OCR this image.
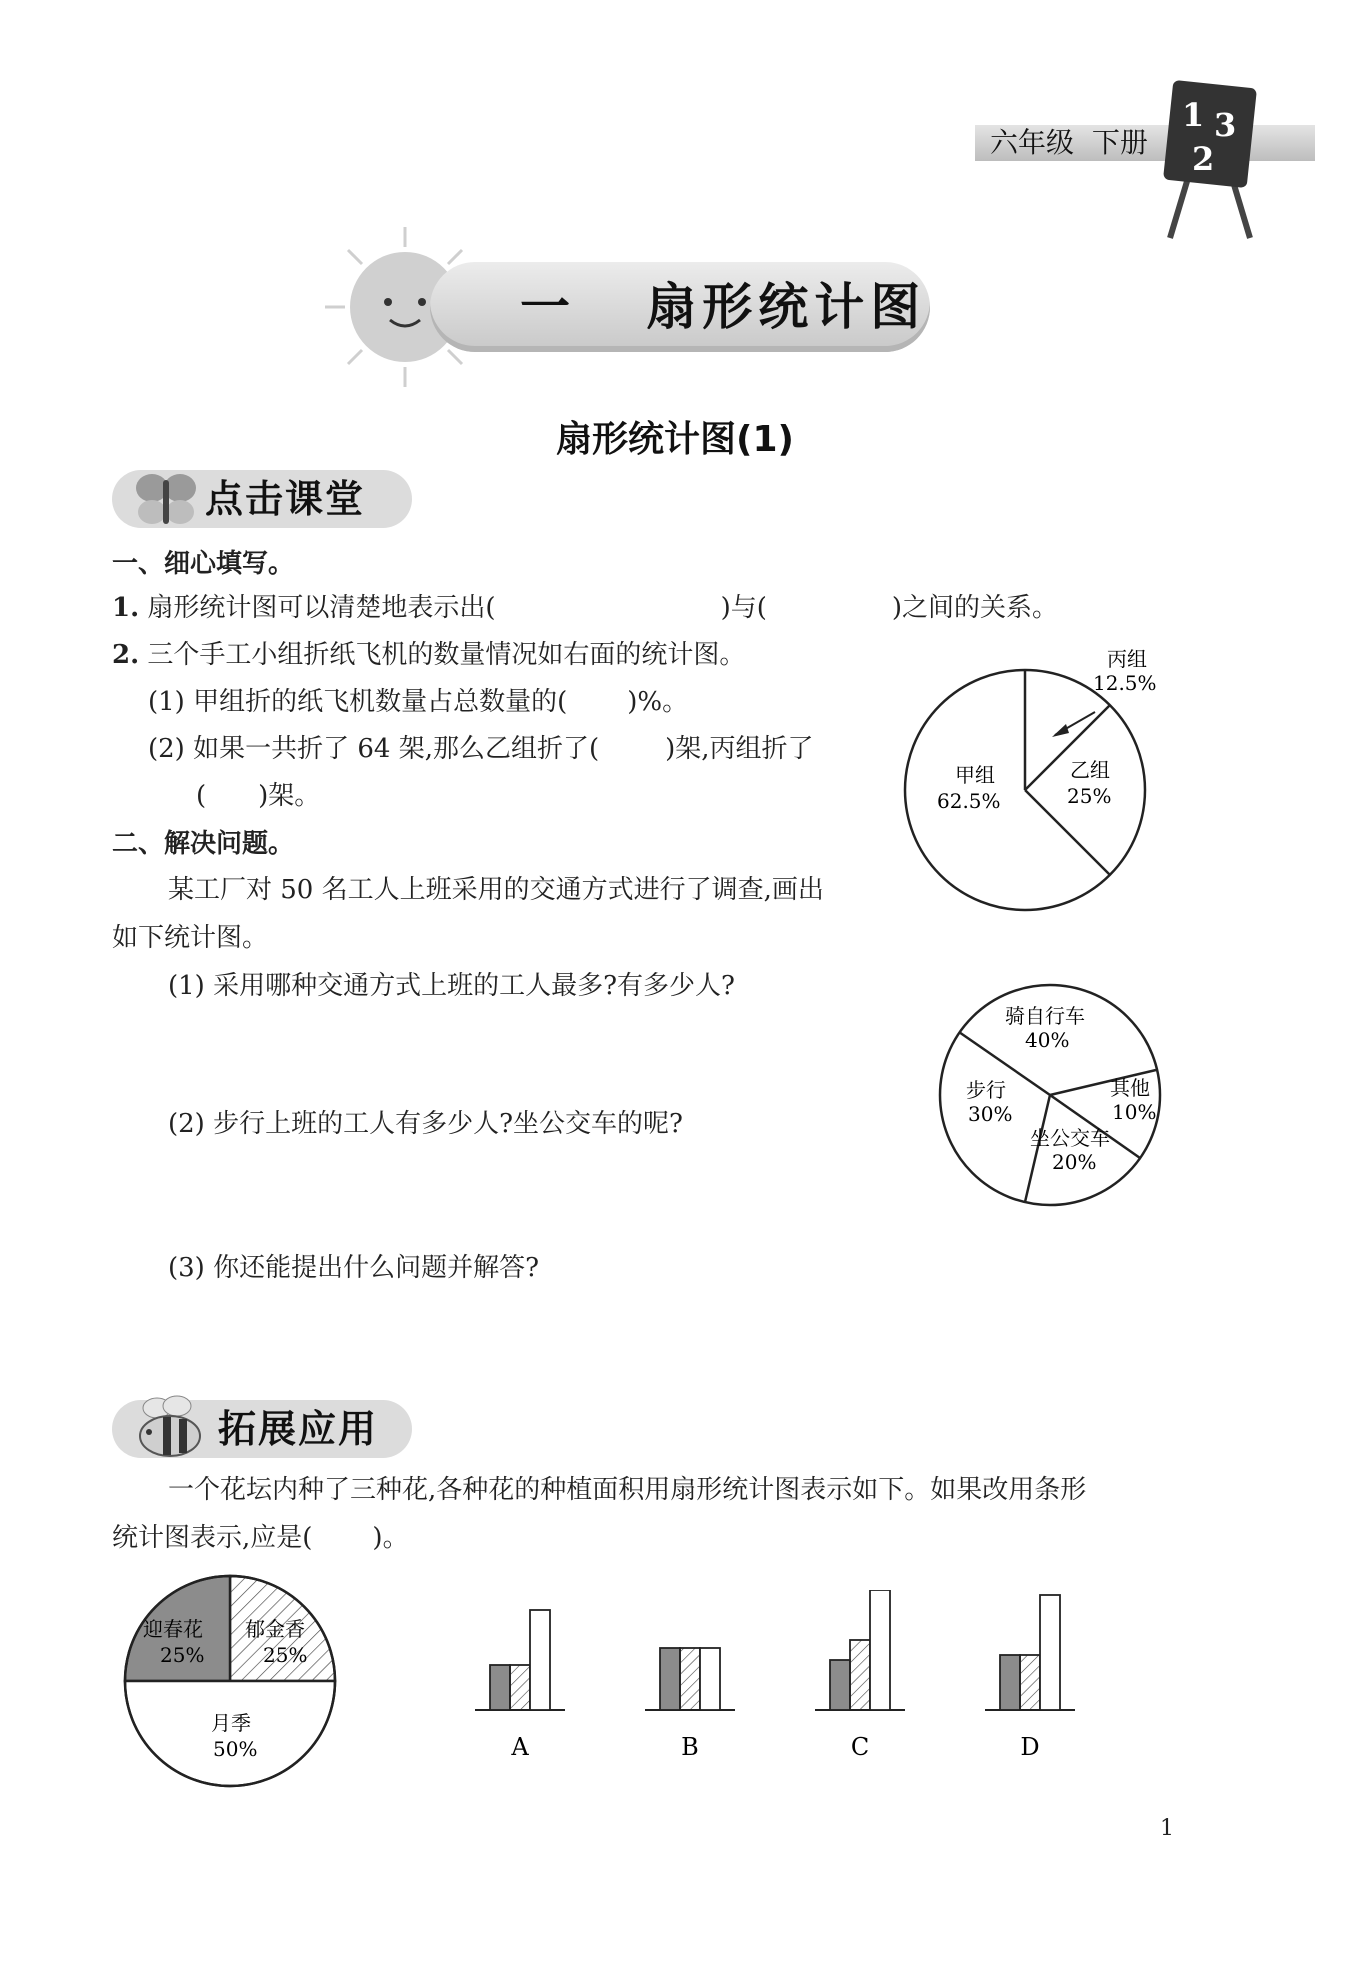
六年级 下册
1 3
2
一 扇形统计图
扇形统计图(1)
点击课堂
一、细心填写。
1. 扇形统计图可以清楚地表示出(	)与(	)之间的关系。
2. 三个手工小组折纸飞机的数量情况如右面的统计图。
(1) 甲组折的纸飞机数量占总数量的( )%。
(2) 如果一共折了 64 架,那么乙组折了(	)架,丙组折了
( )架。
甲组
62.5%
乙组
25%
丙组
12.5%
二、解决问题。
某工厂对 50 名工人上班采用的交通方式进行了调查,画出
如下统计图。
(1) 采用哪种交通方式上班的工人最多?有多少人?
(2) 步行上班的工人有多少人?坐公交车的呢?
(3) 你还能提出什么问题并解答?
骑自行车
40%
步行
30%
其他
10%
坐公交车
20%
拓展应用
一个花坛内种了三种花,各种花的种植面积用扇形统计图表示如下。如果改用条形
统计图表示,应是( )。
迎春花
25%
郁金香
25%
月季
50%	A	B	C	D
1
